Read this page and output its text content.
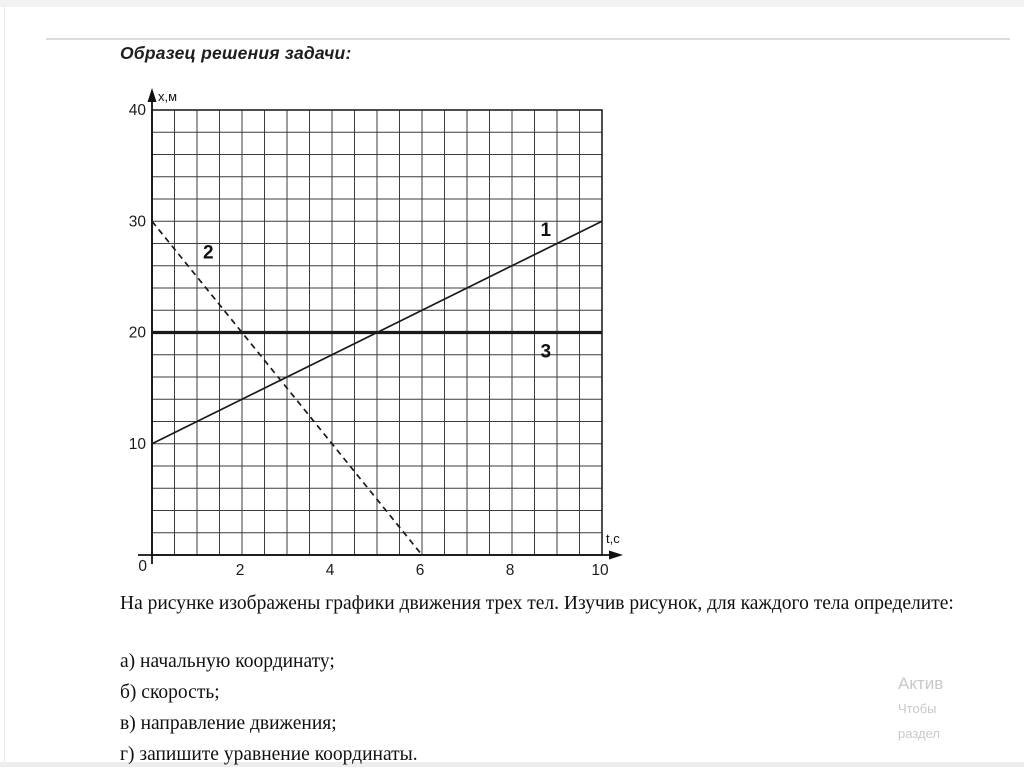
Образец решения задачи:
x,м
t,c
10
20
30
40
0	2	4	6	8	10
1
2
3
На рисунке изображены графики движения трех тел. Изучив рисунок, для каждого тела определите:
а) начальную координату;
б) скорость;
в) направление движения;
г) запишите уравнение координаты.
Актив
Чтобы
раздел
